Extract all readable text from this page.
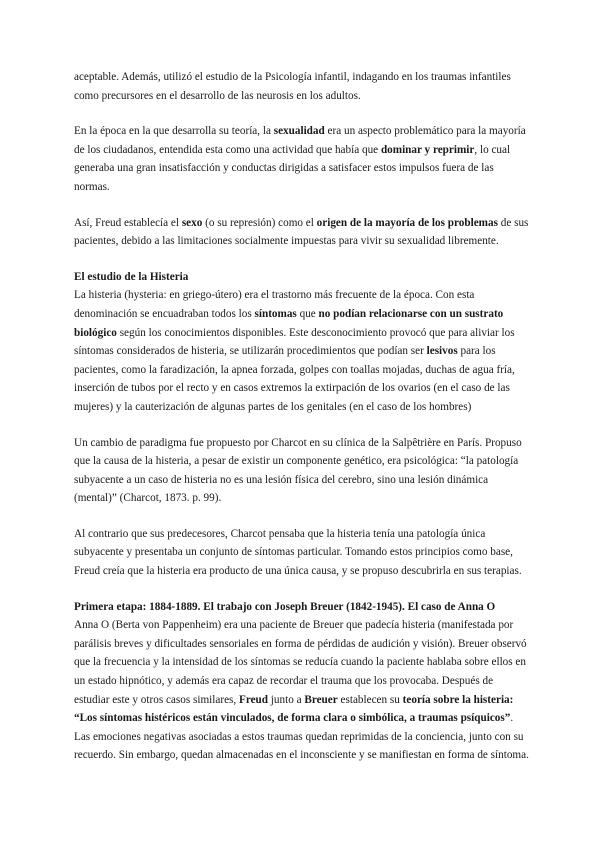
aceptable. Además, utilizó el estudio de la Psicología infantil, indagando en los traumas infantiles como precursores en el desarrollo de las neurosis en los adultos.

En la época en la que desarrolla su teoría, la sexualidad era un aspecto problemático para la mayoría de los ciudadanos, entendida esta como una actividad que había que dominar y reprimir, lo cual generaba una gran insatisfacción y conductas dirigidas a satisfacer estos impulsos fuera de las normas.

Así, Freud establecía el sexo (o su represión) como el origen de la mayoría de los problemas de sus pacientes, debido a las limitaciones socialmente impuestas para vivir su sexualidad libremente.

El estudio de la Histeria

La histeria (hysteria: en griego-útero) era el trastorno más frecuente de la época. Con esta denominación se encuadraban todos los síntomas que no podían relacionarse con un sustrato biológico según los conocimientos disponibles. Este desconocimiento provocó que para aliviar los síntomas considerados de histeria, se utilizarán procedimientos que podían ser lesivos para los pacientes, como la faradización, la apnea forzada, golpes con toallas mojadas, duchas de agua fría, inserción de tubos por el recto y en casos extremos la extirpación de los ovarios (en el caso de las mujeres) y la cauterización de algunas partes de los genitales (en el caso de los hombres)

Un cambio de paradigma fue propuesto por Charcot en su clínica de la Salpêtrière en París. Propuso que la causa de la histeria, a pesar de existir un componente genético, era psicológica: “la patología subyacente a un caso de histeria no es una lesión física del cerebro, sino una lesión dinámica (mental)” (Charcot, 1873. p. 99).

Al contrario que sus predecesores, Charcot pensaba que la histeria tenía una patología única subyacente y presentaba un conjunto de síntomas particular. Tomando estos principios como base, Freud creía que la histeria era producto de una única causa, y se propuso descubrirla en sus terapias.

Primera etapa: 1884-1889. El trabajo con Joseph Breuer (1842-1945). El caso de Anna O

Anna O (Berta von Pappenheim) era una paciente de Breuer que padecía histeria (manifestada por parálisis breves y dificultades sensoriales en forma de pérdidas de audición y visión). Breuer observó que la frecuencia y la intensidad de los síntomas se reducía cuando la paciente hablaba sobre ellos en un estado hipnótico, y además era capaz de recordar el trauma que los provocaba. Después de estudiar este y otros casos similares, Freud junto a Breuer establecen su teoría sobre la histeria: “Los síntomas histéricos están vinculados, de forma clara o simbólica, a traumas psíquicos”. Las emociones negativas asociadas a estos traumas quedan reprimidas de la conciencia, junto con su recuerdo. Sin embargo, quedan almacenadas en el inconsciente y se manifiestan en forma de síntoma.
